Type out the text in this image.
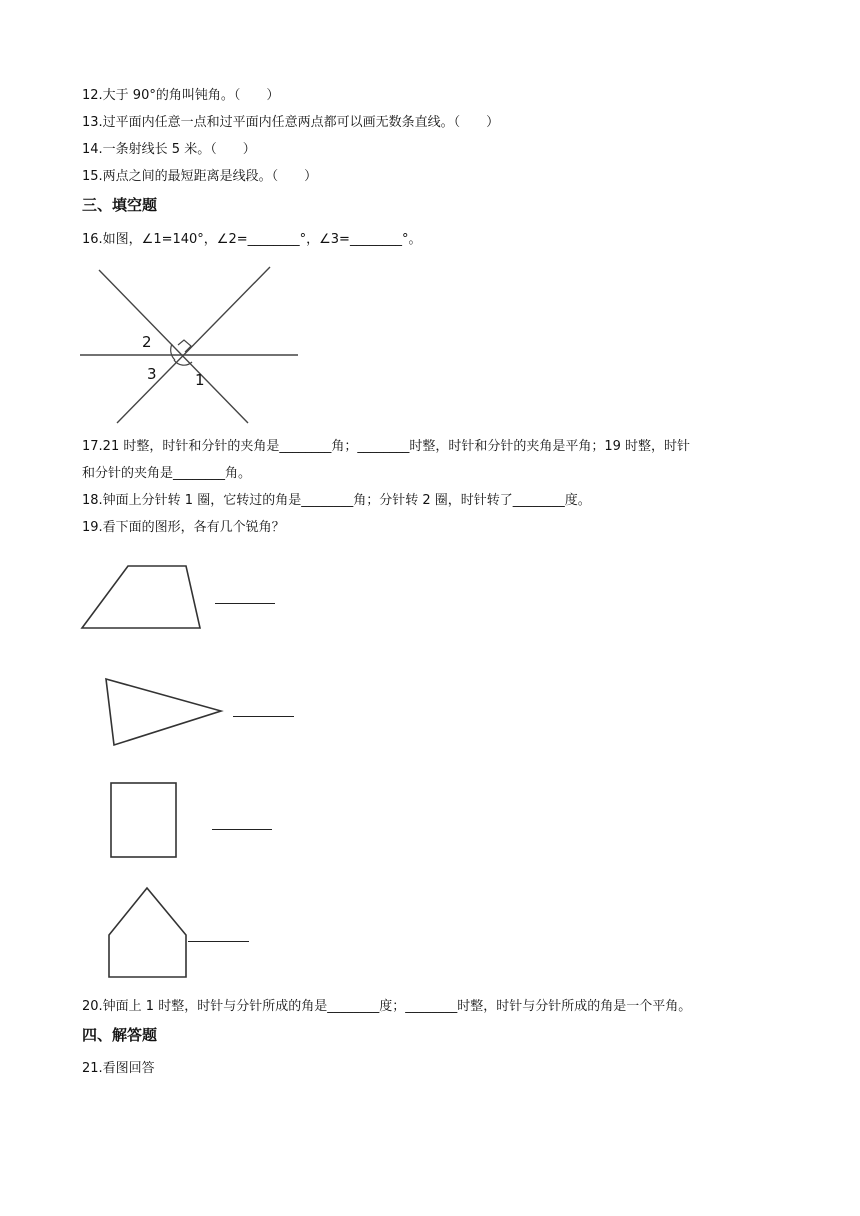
12.大于 90°的角叫钝角。（　　）
13.过平面内任意一点和过平面内任意两点都可以画无数条直线。（　　）
14.一条射线长 5 米。（　　）
15.两点之间的最短距离是线段。（　　）
三、填空题
16.如图，∠1=140°，∠2=________°，∠3=________°。
2
3	1
17.21 时整，时针和分针的夹角是________角；________时整，时针和分针的夹角是平角；19 时整，时针
和分针的夹角是________角。
18.钟面上分针转 1 圈，它转过的角是________角；分针转 2 圈，时针转了________度。
19.看下面的图形，各有几个锐角？
20.钟面上 1 时整，时针与分针所成的角是________度；________时整，时针与分针所成的角是一个平角。
四、解答题
21.看图回答
